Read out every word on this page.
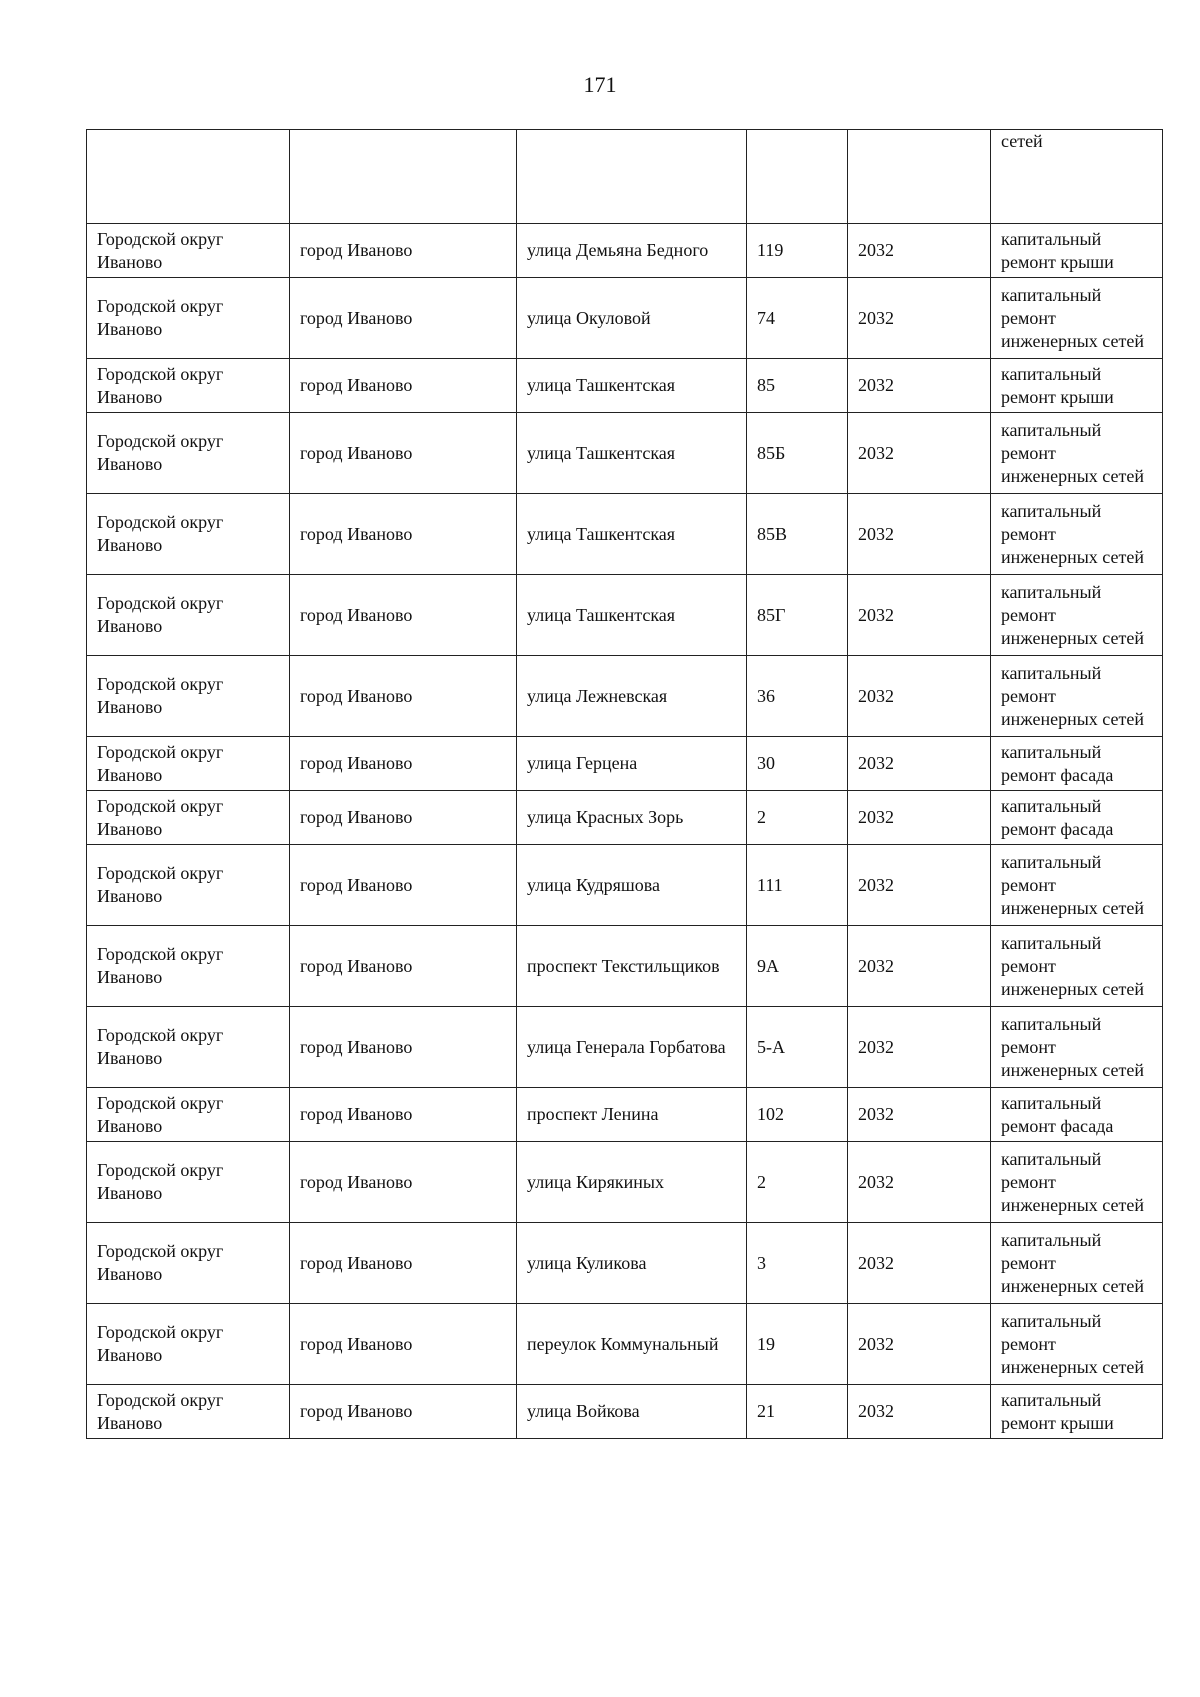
171
					сетей
Городской округ Иваново	город Иваново	улица Демьяна Бедного	119	2032	капитальный ремонт крыши
Городской округ Иваново	город Иваново	улица Окуловой	74	2032	капитальный ремонт инженерных сетей
Городской округ Иваново	город Иваново	улица Ташкентская	85	2032	капитальный ремонт крыши
Городской округ Иваново	город Иваново	улица Ташкентская	85Б	2032	капитальный ремонт инженерных сетей
Городской округ Иваново	город Иваново	улица Ташкентская	85В	2032	капитальный ремонт инженерных сетей
Городской округ Иваново	город Иваново	улица Ташкентская	85Г	2032	капитальный ремонт инженерных сетей
Городской округ Иваново	город Иваново	улица Лежневская	36	2032	капитальный ремонт инженерных сетей
Городской округ Иваново	город Иваново	улица Герцена	30	2032	капитальный ремонт фасада
Городской округ Иваново	город Иваново	улица Красных Зорь	2	2032	капитальный ремонт фасада
Городской округ Иваново	город Иваново	улица Кудряшова	111	2032	капитальный ремонт инженерных сетей
Городской округ Иваново	город Иваново	проспект Текстильщиков	9А	2032	капитальный ремонт инженерных сетей
Городской округ Иваново	город Иваново	улица Генерала Горбатова	5-А	2032	капитальный ремонт инженерных сетей
Городской округ Иваново	город Иваново	проспект Ленина	102	2032	капитальный ремонт фасада
Городской округ Иваново	город Иваново	улица Кирякиных	2	2032	капитальный ремонт инженерных сетей
Городской округ Иваново	город Иваново	улица Куликова	3	2032	капитальный ремонт инженерных сетей
Городской округ Иваново	город Иваново	переулок Коммунальный	19	2032	капитальный ремонт инженерных сетей
Городской округ Иваново	город Иваново	улица Войкова	21	2032	капитальный ремонт крыши
